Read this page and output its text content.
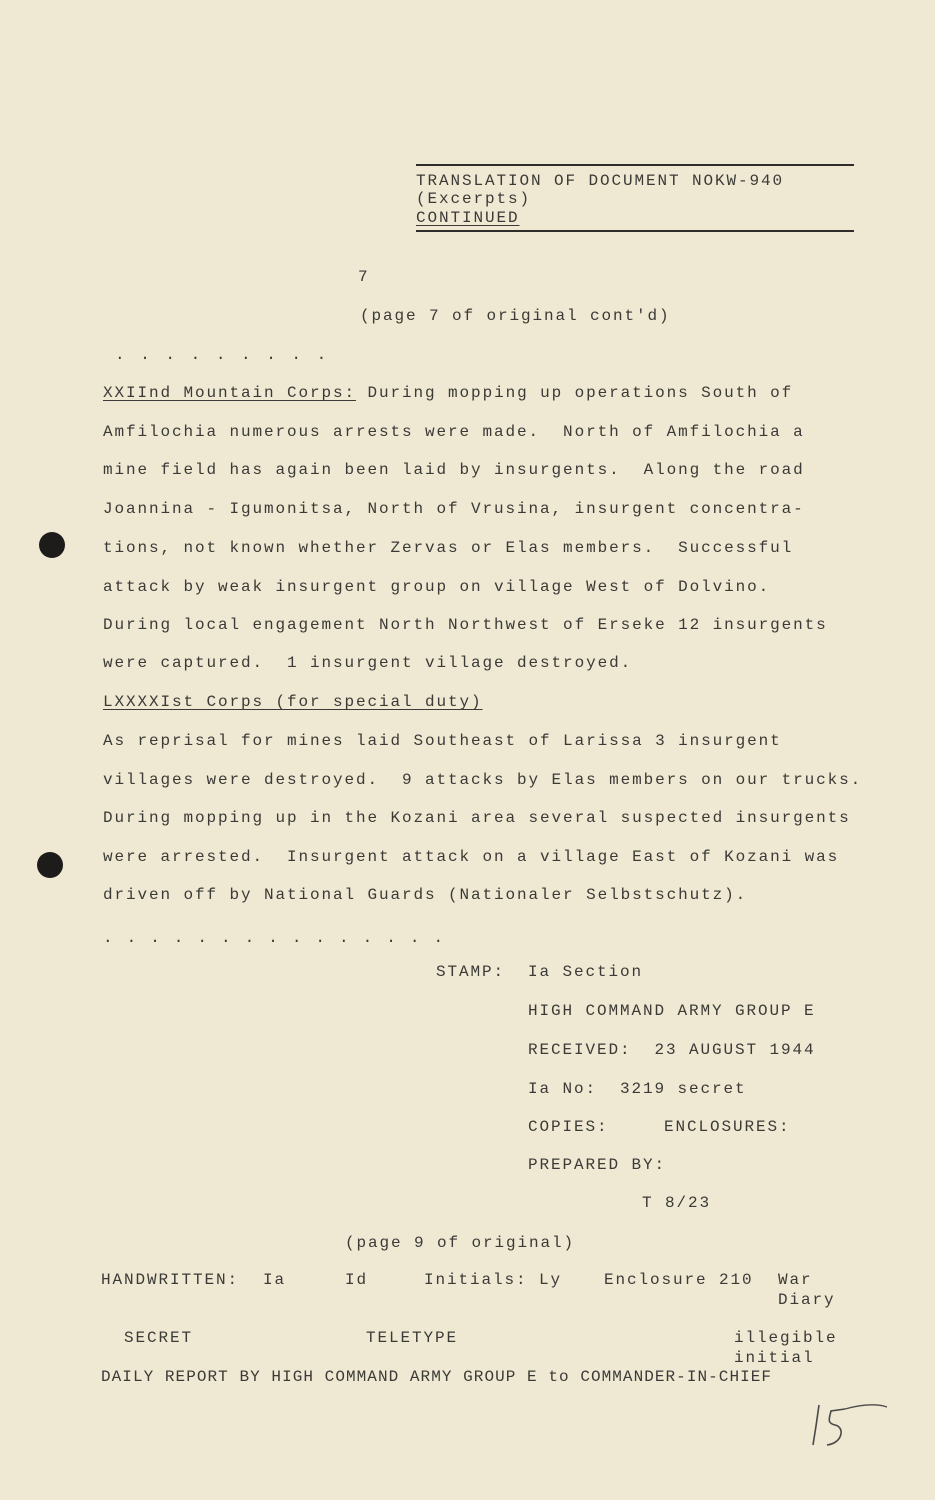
TRANSLATION OF DOCUMENT NOKW-940
(Excerpts)
CONTINUED
7
(page 7 of original cont'd)
. . . . . . . . .
XXIInd Mountain Corps: During mopping up operations South of
Amfilochia numerous arrests were made.  North of Amfilochia a
mine field has again been laid by insurgents.  Along the road
Joannina - Igumonitsa, North of Vrusina, insurgent concentra-
tions, not known whether Zervas or Elas members.  Successful
attack by weak insurgent group on village West of Dolvino.
During local engagement North Northwest of Erseke 12 insurgents
were captured.  1 insurgent village destroyed.
LXXXXIst Corps (for special duty)
As reprisal for mines laid Southeast of Larissa 3 insurgent
villages were destroyed.  9 attacks by Elas members on our trucks.
During mopping up in the Kozani area several suspected insurgents
were arrested.  Insurgent attack on a village East of Kozani was
driven off by National Guards (Nationaler Selbstschutz).
. . . . . . . . . . . . . . .
STAMP: Ia Section
HIGH COMMAND ARMY GROUP E
RECEIVED:  23 AUGUST 1944
Ia No:  3219 secret
COPIES:	ENCLOSURES:
PREPARED BY:
T 8/23
(page 9 of original)
HANDWRITTEN: Ia	Id	Initials: Ly	Enclosure 210 War
Diary
SECRET	TELETYPE	illegible
initial
DAILY REPORT BY HIGH COMMAND ARMY GROUP E to COMMANDER-IN-CHIEF
